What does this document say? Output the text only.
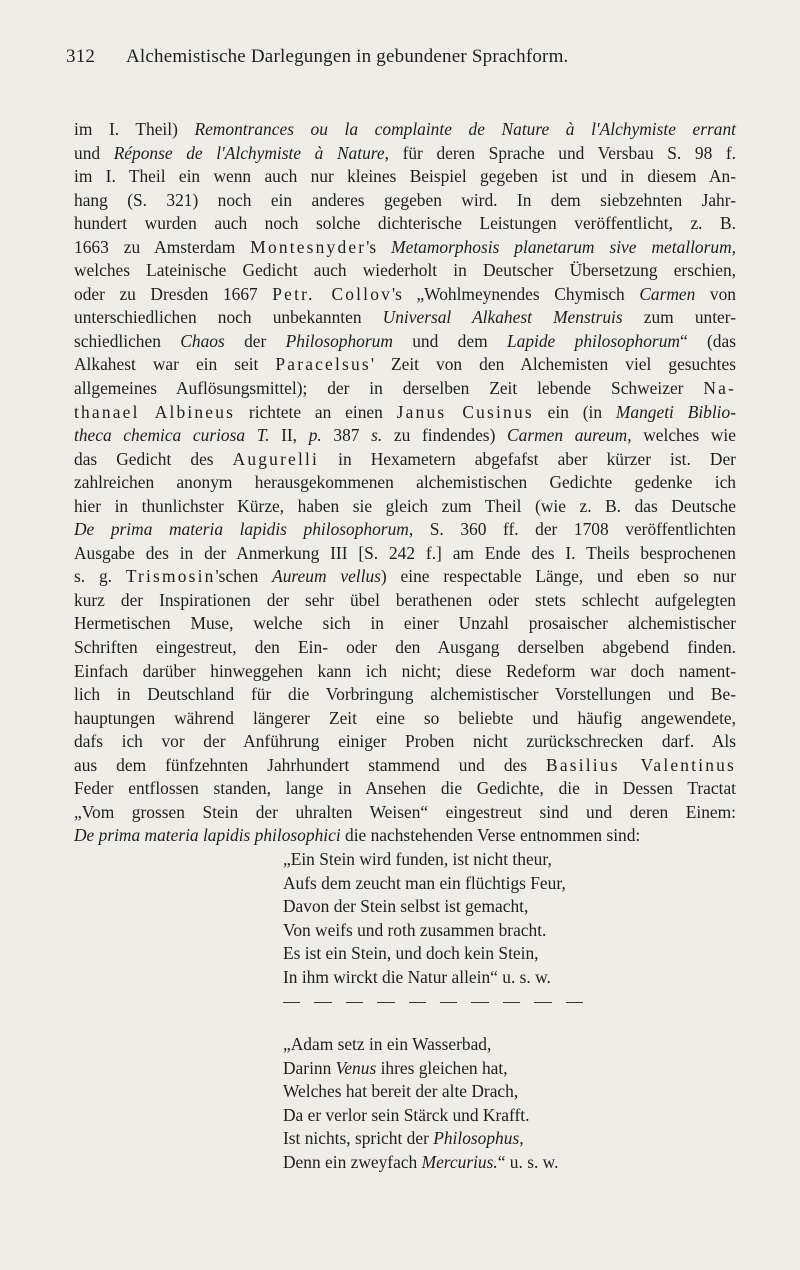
312 Alchemistische Darlegungen in gebundener Sprachform.
im I. Theil) Remontrances ou la complainte de Nature à l'Alchymiste errant
und Réponse de l'Alchymiste à Nature, für deren Sprache und Versbau S. 98 f.
im I. Theil ein wenn auch nur kleines Beispiel gegeben ist und in diesem An-
hang (S. 321) noch ein anderes gegeben wird. In dem siebzehnten Jahr-
hundert wurden auch noch solche dichterische Leistungen veröffentlicht, z. B.
1663 zu Amsterdam Montesnyder's Metamorphosis planetarum sive metallorum,
welches Lateinische Gedicht auch wiederholt in Deutscher Übersetzung erschien,
oder zu Dresden 1667 Petr. Collov's „Wohlmeynendes Chymisch Carmen von
unterschiedlichen noch unbekannten Universal Alkahest Menstruis zum unter-
schiedlichen Chaos der Philosophorum und dem Lapide philosophorum“ (das
Alkahest war ein seit Paracelsus' Zeit von den Alchemisten viel gesuchtes
allgemeines Auflösungsmittel); der in derselben Zeit lebende Schweizer Na-
thanael Albineus richtete an einen Janus Cusinus ein (in Mangeti Biblio-
theca chemica curiosa T. II, p. 387 s. zu findendes) Carmen aureum, welches wie
das Gedicht des Augurelli in Hexametern abgefafst aber kürzer ist. Der
zahlreichen anonym herausgekommenen alchemistischen Gedichte gedenke ich
hier in thunlichster Kürze, haben sie gleich zum Theil (wie z. B. das Deutsche
De prima materia lapidis philosophorum, S. 360 ff. der 1708 veröffentlichten
Ausgabe des in der Anmerkung III [S. 242 f.] am Ende des I. Theils besprochenen
s. g. Trismosin'schen Aureum vellus) eine respectable Länge, und eben so nur
kurz der Inspirationen der sehr übel berathenen oder stets schlecht aufgelegten
Hermetischen Muse, welche sich in einer Unzahl prosaischer alchemistischer
Schriften eingestreut, den Ein- oder den Ausgang derselben abgebend finden.
Einfach darüber hinweggehen kann ich nicht; diese Redeform war doch nament-
lich in Deutschland für die Vorbringung alchemistischer Vorstellungen und Be-
hauptungen während längerer Zeit eine so beliebte und häufig angewendete,
dafs ich vor der Anführung einiger Proben nicht zurückschrecken darf. Als
aus dem fünfzehnten Jahrhundert stammend und des Basilius Valentinus
Feder entflossen standen, lange in Ansehen die Gedichte, die in Dessen Tractat
„Vom grossen Stein der uhralten Weisen“ eingestreut sind und deren Einem:
De prima materia lapidis philosophici die nachstehenden Verse entnommen sind:
„Ein Stein wird funden, ist nicht theur,
Aufs dem zeucht man ein flüchtigs Feur,
Davon der Stein selbst ist gemacht,
Von weifs und roth zusammen bracht.
Es ist ein Stein, und doch kein Stein,
In ihm wirckt die Natur allein“ u. s. w.
„Adam setz in ein Wasserbad,
Darinn Venus ihres gleichen hat,
Welches hat bereit der alte Drach,
Da er verlor sein Stärck und Krafft.
Ist nichts, spricht der Philosophus,
Denn ein zweyfach Mercurius.“ u. s. w.
